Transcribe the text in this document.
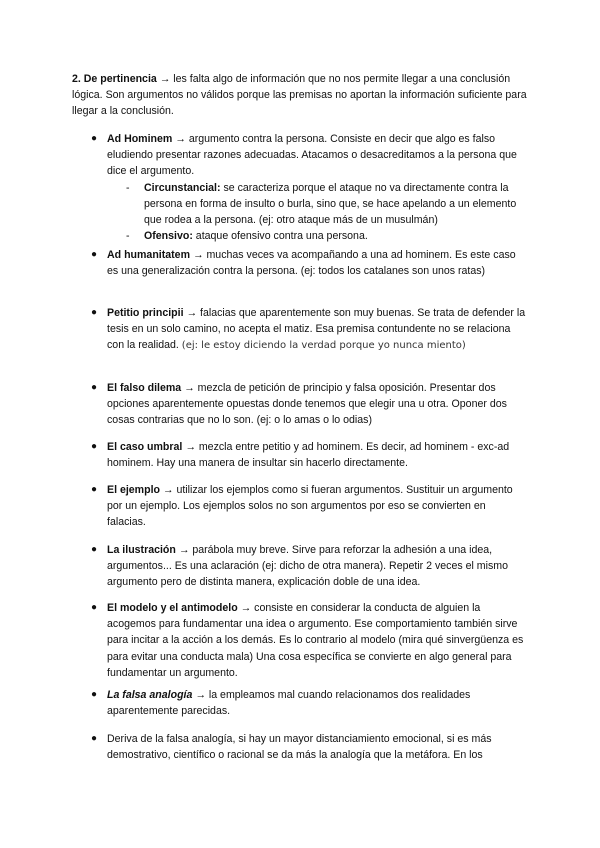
2. De pertinencia → les falta algo de información que no nos permite llegar a una conclusión lógica. Son argumentos no válidos porque las premisas no aportan la información suficiente para llegar a la conclusión.

● Ad Hominem → argumento contra la persona. Consiste en decir que algo es falso eludiendo presentar razones adecuadas. Atacamos o desacreditamos a la persona que dice el argumento.
- Circunstancial: se caracteriza porque el ataque no va directamente contra la persona en forma de insulto o burla, sino que, se hace apelando a un elemento que rodea a la persona. (ej: otro ataque más de un musulmán)
- Ofensivo: ataque ofensivo contra una persona.
● Ad humanitatem → muchas veces va acompañando a una ad hominem. Es este caso es una generalización contra la persona. (ej: todos los catalanes son unos ratas)
● Petitio principii → falacias que aparentemente son muy buenas. Se trata de defender la tesis en un solo camino, no acepta el matiz. Esa premisa contundente no se relaciona con la realidad. (ej: le estoy diciendo la verdad porque yo nunca miento)
● El falso dilema → mezcla de petición de principio y falsa oposición. Presentar dos opciones aparentemente opuestas donde tenemos que elegir una u otra. Oponer dos cosas contrarias que no lo son. (ej: o lo amas o lo odias)
● El caso umbral → mezcla entre petitio y ad hominem. Es decir, ad hominem - exc-ad hominem. Hay una manera de insultar sin hacerlo directamente.
● El ejemplo → utilizar los ejemplos como si fueran argumentos. Sustituir un argumento por un ejemplo. Los ejemplos solos no son argumentos por eso se convierten en falacias.
● La ilustración → parábola muy breve. Sirve para reforzar la adhesión a una idea, argumentos... Es una aclaración (ej: dicho de otra manera). Repetir 2 veces el mismo argumento pero de distinta manera, explicación doble de una idea.
● El modelo y el antimodelo → consiste en considerar la conducta de alguien la acogemos para fundamentar una idea o argumento. Ese comportamiento también sirve para incitar a la acción a los demás. Es lo contrario al modelo (mira qué sinvergüenza es para evitar una conducta mala) Una cosa específica se convierte en algo general para fundamentar un argumento.
● La falsa analogía → la empleamos mal cuando relacionamos dos realidades aparentemente parecidas.
● Deriva de la falsa analogía, si hay un mayor distanciamiento emocional, si es más demostrativo, científico o racional se da más la analogía que la metáfora. En los
